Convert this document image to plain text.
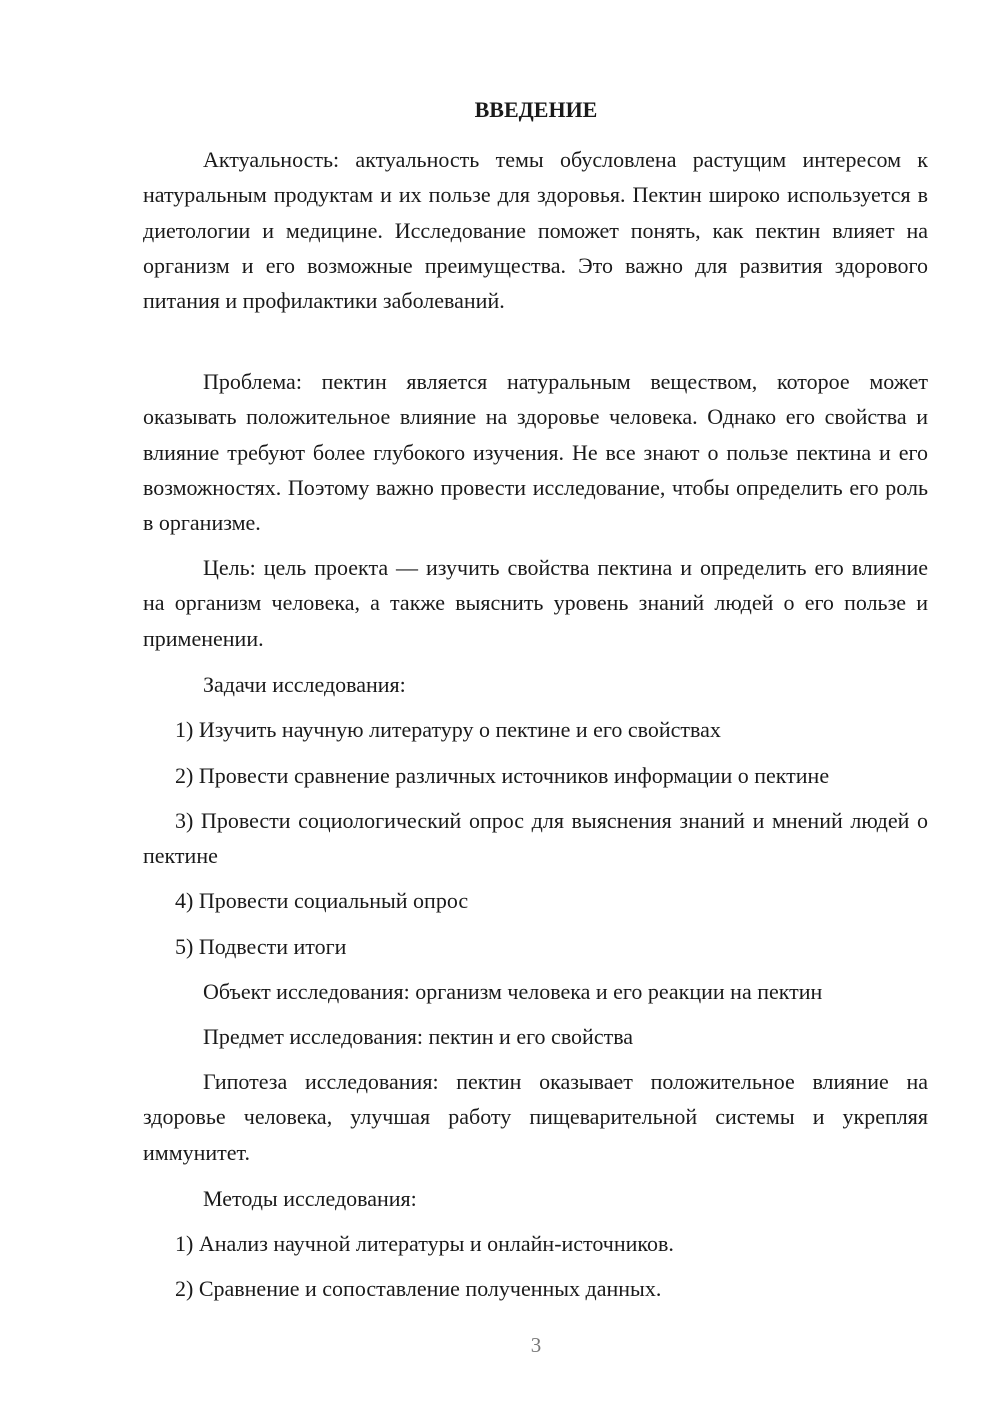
ВВЕДЕНИЕ
Актуальность: актуальность темы обусловлена растущим интересом к натуральным продуктам и их пользе для здоровья. Пектин широко используется в диетологии и медицине. Исследование поможет понять, как пектин влияет на организм и его возможные преимущества. Это важно для развития здорового питания и профилактики заболеваний.
Проблема: пектин является натуральным веществом, которое может оказывать положительное влияние на здоровье человека. Однако его свойства и влияние требуют более глубокого изучения. Не все знают о пользе пектина и его возможностях. Поэтому важно провести исследование, чтобы определить его роль в организме.
Цель: цель проекта — изучить свойства пектина и определить его влияние на организм человека, а также выяснить уровень знаний людей о его пользе и применении.
Задачи исследования:
1) Изучить научную литературу о пектине и его свойствах
2) Провести сравнение различных источников информации о пектине
3) Провести социологический опрос для выяснения знаний и мнений людей о пектине
4) Провести социальный опрос
5) Подвести итоги
Объект исследования: организм человека и его реакции на пектин
Предмет исследования: пектин и его свойства
Гипотеза исследования: пектин оказывает положительное влияние на здоровье человека, улучшая работу пищеварительной системы и укрепляя иммунитет.
Методы исследования:
1) Анализ научной литературы и онлайн-источников.
2) Сравнение и сопоставление полученных данных.
3
